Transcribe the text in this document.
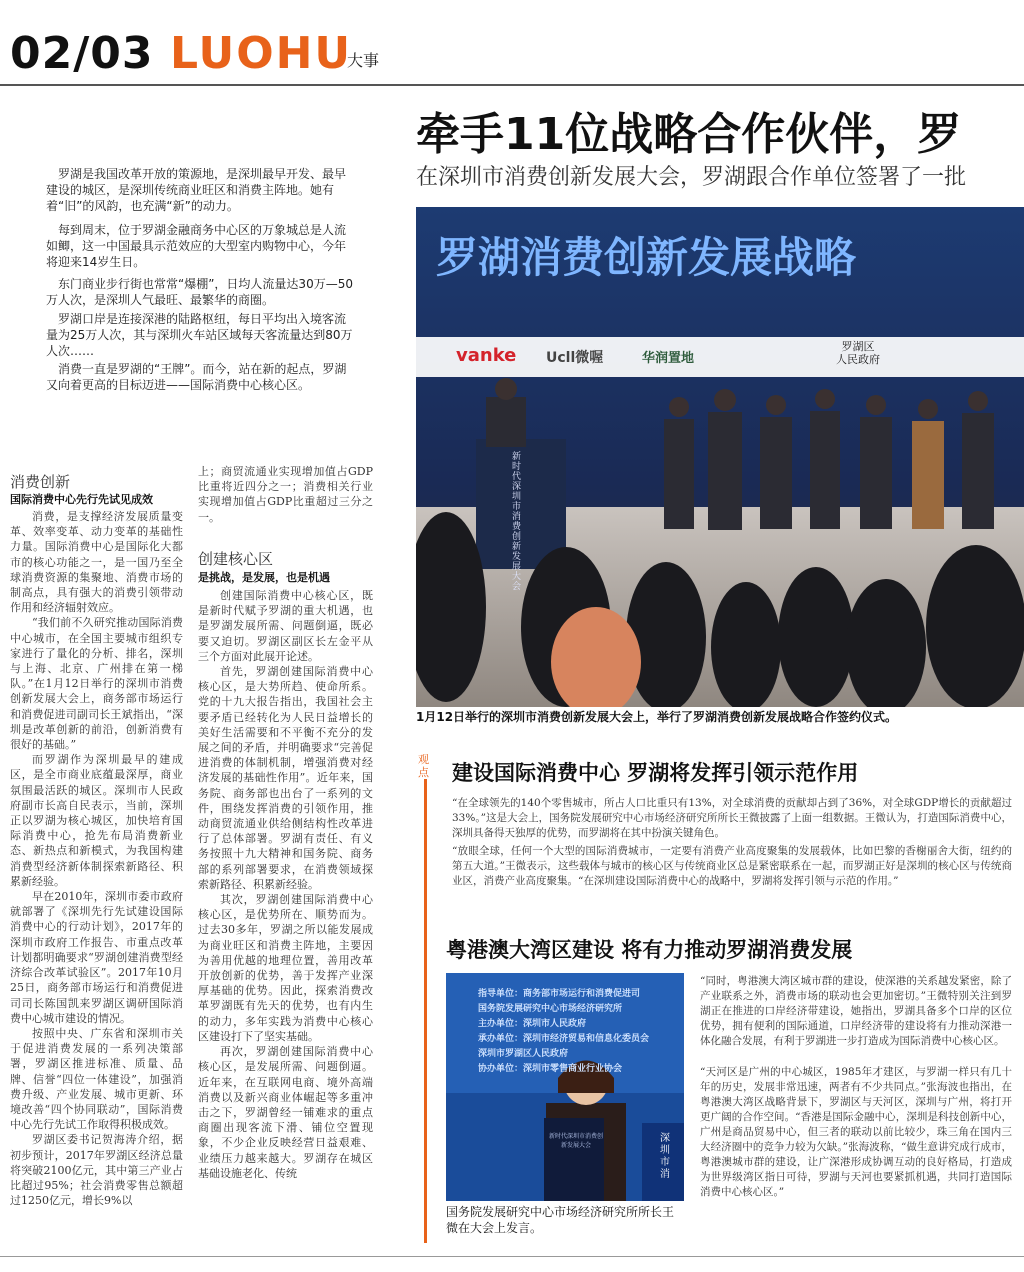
02/03 LUOHU
大事
罗湖是我国改革开放的策源地，是深圳最早开发、最早建设的城区，是深圳传统商业旺区和消费主阵地。她有着“旧”的风韵，也充满“新”的动力。
每到周末，位于罗湖金融商务中心区的万象城总是人流如鲫，这一中国最具示范效应的大型室内购物中心，今年将迎来14岁生日。
东门商业步行街也常常“爆棚”，日均人流量达30万—50万人次，是深圳人气最旺、最繁华的商圈。
罗湖口岸是连接深港的陆路枢纽，每日平均出入境客流量为25万人次，其与深圳火车站区域每天客流量达到80万人次……
消费一直是罗湖的“王牌”。而今，站在新的起点，罗湖又向着更高的目标迈进——国际消费中心核心区。
牵手11位战略合作伙伴，罗
在深圳市消费创新发展大会，罗湖跟合作单位签署了一批
罗湖消费创新发展战略
vanke Ucll微喔	华润置地
罗湖区
人民政府
新时代深圳市消费创新发展大会
1月12日举行的深圳市消费创新发展大会上，举行了罗湖消费创新发展战略合作签约仪式。
消费创新
国际消费中心先行先试见成效

消费，是支撑经济发展质量变革、效率变革、动力变革的基础性力量。国际消费中心是国际化大都市的核心功能之一，是一国乃至全球消费资源的集聚地、消费市场的制高点，具有强大的消费引领带动作用和经济辐射效应。

“我们前不久研究推动国际消费中心城市，在全国主要城市组织专家进行了量化的分析、排名，深圳与上海、北京、广州排在第一梯队。”在1月12日举行的深圳市消费创新发展大会上，商务部市场运行和消费促进司副司长王斌指出，“深圳是改革创新的前沿，创新消费有很好的基础。”

而罗湖作为深圳最早的建成区，是全市商业底蕴最深厚，商业氛围最活跃的城区。深圳市人民政府副市长高自民表示，当前，深圳正以罗湖为核心城区，加快培育国际消费中心，抢先布局消费新业态、新热点和新模式，为我国构建消费型经济新体制探索新路径、积累新经验。

早在2010年，深圳市委市政府就部署了《深圳先行先试建设国际消费中心的行动计划》，2017年的深圳市政府工作报告、市重点改革计划都明确要求“罗湖创建消费型经济综合改革试验区”。2017年10月25日，商务部市场运行和消费促进司司长陈国凯来罗湖区调研国际消费中心城市建设的情况。

按照中央、广东省和深圳市关于促进消费发展的一系列决策部署，罗湖区推进标准、质量、品牌、信誉“四位一体建设”，加强消费升级、产业发展、城市更新、环境改善“四个协同联动”，国际消费中心先行先试工作取得积极成效。

罗湖区委书记贺海涛介绍，据初步预计，2017年罗湖区经济总量将突破2100亿元，其中第三产业占比超过95%；社会消费零售总额超过1250亿元，增长9%以

上；商贸流通业实现增加值占GDP比重将近四分之一；消费相关行业实现增加值占GDP比重超过三分之一。
创建核心区
是挑战，是发展，也是机遇

创建国际消费中心核心区，既是新时代赋予罗湖的重大机遇，也是罗湖发展所需、问题倒逼，既必要又迫切。罗湖区副区长左金平从三个方面对此展开论述。

首先，罗湖创建国际消费中心核心区，是大势所趋、使命所系。党的十九大报告指出，我国社会主要矛盾已经转化为人民日益增长的美好生活需要和不平衡不充分的发展之间的矛盾，并明确要求“完善促进消费的体制机制，增强消费对经济发展的基础性作用”。近年来，国务院、商务部也出台了一系列的文件，围绕发挥消费的引领作用，推动商贸流通业供给侧结构性改革进行了总体部署。罗湖有责任、有义务按照十九大精神和国务院、商务部的系列部署要求，在消费领域探索新路径、积累新经验。

其次，罗湖创建国际消费中心核心区，是优势所在、顺势而为。过去30多年，罗湖之所以能发展成为商业旺区和消费主阵地，主要因为善用优越的地理位置，善用改革开放创新的优势，善于发挥产业深厚基础的优势。因此，探索消费改革罗湖既有先天的优势，也有内生的动力，多年实践为消费中心核心区建设打下了坚实基础。

再次，罗湖创建国际消费中心核心区，是发展所需、问题倒逼。近年来，在互联网电商、境外高端消费以及新兴商业体崛起等多重冲击之下，罗湖曾经一铺难求的重点商圈出现客流下滑、铺位空置现象，不少企业反映经营日益艰难、业绩压力越来越大。罗湖存在城区基础设施老化、传统

观点 建设国际消费中心 罗湖将发挥引领示范作用
“在全球领先的140个零售城市，所占人口比重只有13%，对全球消费的贡献却占到了36%，对全球GDP增长的贡献超过33%。”这是大会上，国务院发展研究中心市场经济研究所所长王微披露了上面一组数据。王微认为，打造国际消费中心，深圳具备得天独厚的优势，而罗湖将在其中扮演关键角色。
“放眼全球，任何一个大型的国际消费城市，一定要有消费产业高度聚集的发展载体，比如巴黎的香榭丽舍大街，纽约的第五大道。”王微表示，这些载体与城市的核心区与传统商业区总是紧密联系在一起，而罗湖正好是深圳的核心区与传统商业区，消费产业高度聚集。“在深圳建设国际消费中心的战略中，罗湖将发挥引领与示范的作用。”
粤港澳大湾区建设 将有力推动罗湖消费发展
指导单位：商务部市场运行和消费促进司
国务院发展研究中心市场经济研究所
主办单位：深圳市人民政府
承办单位：深圳市经济贸易和信息化委员会
深圳市罗湖区人民政府
协办单位：深圳市零售商业行业协会
新时代深圳市消费创新发展大会
深圳市消
国务院发展研究中心市场经济研究所所长王微在大会上发言。
“同时，粤港澳大湾区城市群的建设，使深港的关系越发紧密，除了产业联系之外，消费市场的联动也会更加密切。”王微特别关注到罗湖正在推进的口岸经济带建设，她指出，罗湖具备多个口岸的区位优势，拥有便利的国际通道，口岸经济带的建设将有力推动深港一体化融合发展，有利于罗湖进一步打造成为国际消费中心核心区。
“天河区是广州的中心城区，1985年才建区，与罗湖一样只有几十年的历史，发展非常迅速，两者有不少共同点。”张海波也指出，在粤港澳大湾区战略背景下，罗湖区与天河区，深圳与广州，将打开更广阔的合作空间。“香港是国际金融中心，深圳是科技创新中心，广州是商品贸易中心，但三者的联动以前比较少，珠三角在国内三大经济圈中的竞争力较为欠缺。”张海波称，“做生意讲究成行成市，粤港澳城市群的建设，让广深港形成协调互动的良好格局，打造成为世界级湾区指日可待，罗湖与天河也要紧抓机遇，共同打造国际消费中心核心区。”
